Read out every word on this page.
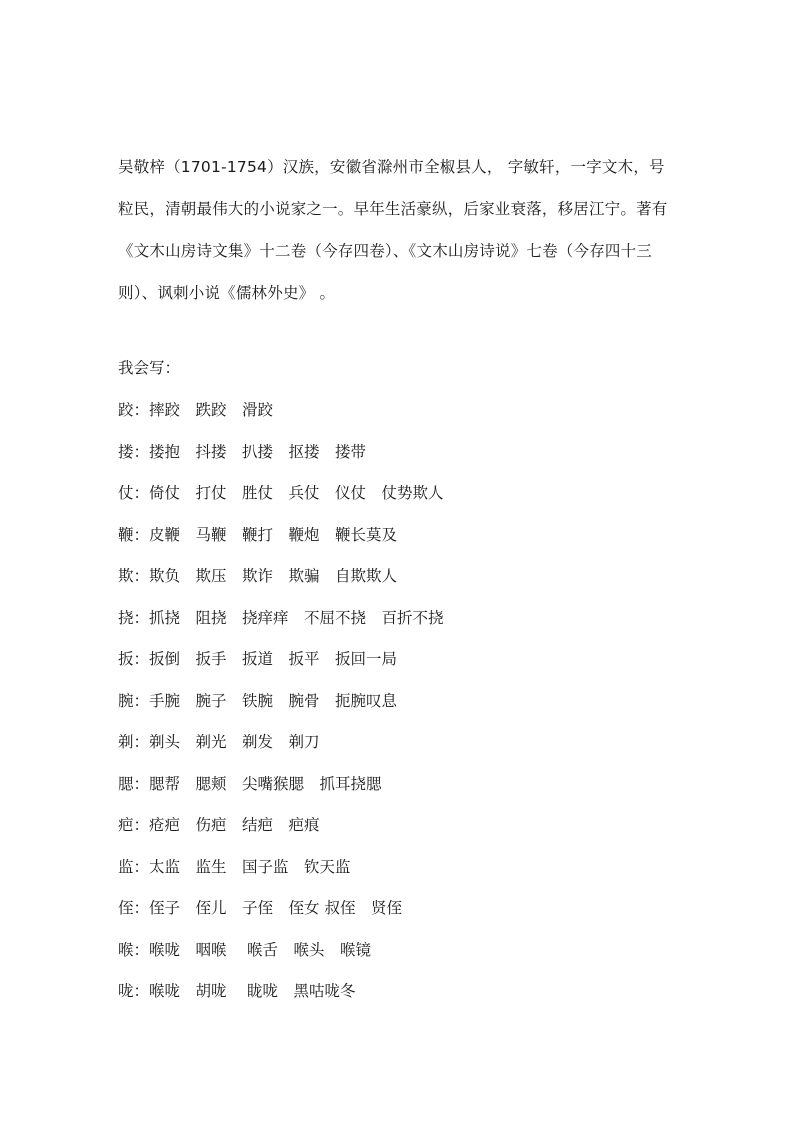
吴敬梓（1701-1754）汉族，安徽省滁州市全椒县人， 字敏轩，一字文木，号

粒民，清朝最伟大的小说家之一。早年生活豪纵，后家业衰落，移居江宁。著有

《文木山房诗文集》十二卷（今存四卷）、《文木山房诗说》七卷（今存四十三

则）、讽刺小说《儒林外史》 。

我会写：
跤：摔跤　跌跤　滑跤
搂：搂抱　抖搂　扒搂　抠搂　搂带
仗：倚仗　打仗　胜仗　兵仗　仪仗　仗势欺人
鞭：皮鞭　马鞭　鞭打　鞭炮　鞭长莫及
欺：欺负　欺压　欺诈　欺骗　自欺欺人
挠：抓挠　阻挠　挠痒痒　不屈不挠　百折不挠
扳：扳倒　扳手　扳道　扳平　扳回一局
腕：手腕　腕子　铁腕　腕骨　扼腕叹息
剃：剃头　剃光　剃发　剃刀
腮：腮帮　腮颊　尖嘴猴腮　抓耳挠腮
疤：疮疤　伤疤　结疤　疤痕
监：太监　监生　国子监　钦天监
侄：侄子　侄儿　子侄　侄女 叔侄　贤侄
喉：喉咙　咽喉　 喉舌　喉头　喉镜
咙：喉咙　胡咙　 眬咙　黑咕咙冬
